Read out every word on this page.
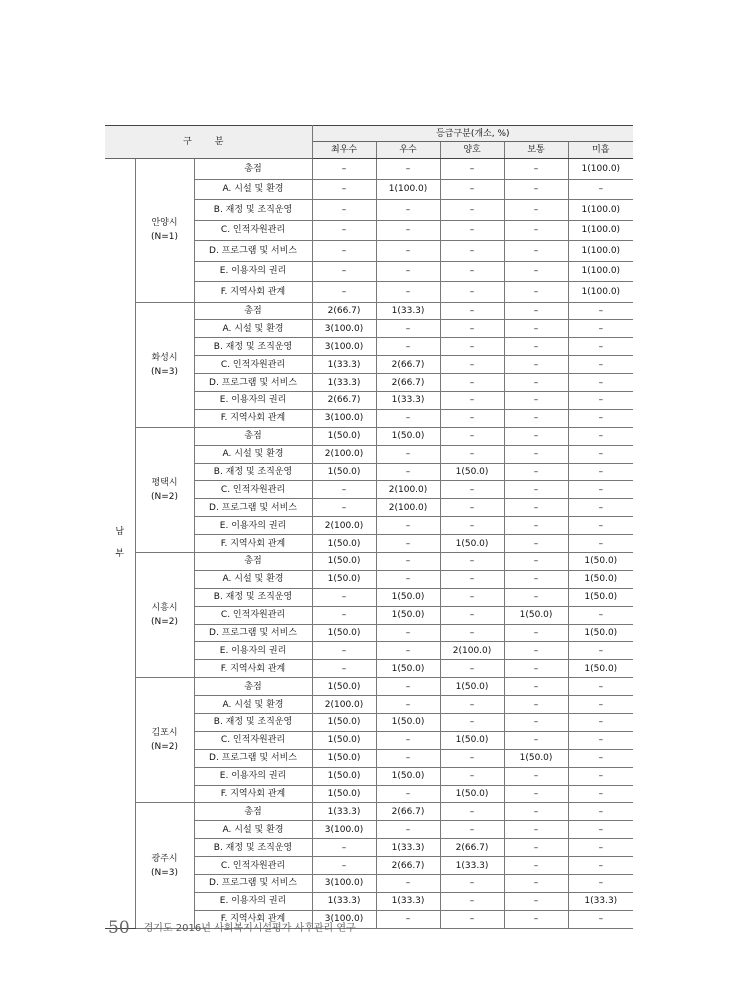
구 분			등급구분(개소, %)				
			최우수	우수	양호	보통	미흡
남 부	안양시
(N=1)	총점	–	–	–	–	1(100.0)
		A. 시설 및 환경	–	1(100.0)	–	–	–
		B. 재정 및 조직운영	–	–	–	–	1(100.0)
		C. 인적자원관리	–	–	–	–	1(100.0)
		D. 프로그램 및 서비스	–	–	–	–	1(100.0)
		E. 이용자의 권리	–	–	–	–	1(100.0)
		F. 지역사회 관계	–	–	–	–	1(100.0)

	화성시
(N=3)	총점	2(66.7)	1(33.3)	–	–	–
		A. 시설 및 환경	3(100.0)	–	–	–	–
		B. 재정 및 조직운영	3(100.0)	–	–	–	–
		C. 인적자원관리	1(33.3)	2(66.7)	–	–	–
		D. 프로그램 및 서비스	1(33.3)	2(66.7)	–	–	–
		E. 이용자의 권리	2(66.7)	1(33.3)	–	–	–
		F. 지역사회 관계	3(100.0)	–	–	–	–

	평택시
(N=2)	총점	1(50.0)	1(50.0)	–	–	–
		A. 시설 및 환경	2(100.0)	–	–	–	–
		B. 재정 및 조직운영	1(50.0)	–	1(50.0)	–	–
		C. 인적자원관리	–	2(100.0)	–	–	–
		D. 프로그램 및 서비스	–	2(100.0)	–	–	–
		E. 이용자의 권리	2(100.0)	–	–	–	–
		F. 지역사회 관계	1(50.0)	–	1(50.0)	–	–

	시흥시
(N=2)	총점	1(50.0)	–	–	–	1(50.0)
		A. 시설 및 환경	1(50.0)	–	–	–	1(50.0)
		B. 재정 및 조직운영	–	1(50.0)	–	–	1(50.0)
		C. 인적자원관리	–	1(50.0)	–	1(50.0)	–
		D. 프로그램 및 서비스	1(50.0)	–	–	–	1(50.0)
		E. 이용자의 권리	–	–	2(100.0)	–	–
		F. 지역사회 관계	–	1(50.0)	–	–	1(50.0)

	김포시
(N=2)	총점	1(50.0)	–	1(50.0)	–	–
		A. 시설 및 환경	2(100.0)	–	–	–	–
		B. 재정 및 조직운영	1(50.0)	1(50.0)	–	–	–
		C. 인적자원관리	1(50.0)	–	1(50.0)	–	–
		D. 프로그램 및 서비스	1(50.0)	–	–	1(50.0)	–
		E. 이용자의 권리	1(50.0)	1(50.0)	–	–	–
		F. 지역사회 관계	1(50.0)	–	1(50.0)	–	–

	광주시
(N=3)	총점	1(33.3)	2(66.7)	–	–	–
		A. 시설 및 환경	3(100.0)	–	–	–	–
		B. 재정 및 조직운영	–	1(33.3)	2(66.7)	–	–
		C. 인적자원관리	–	2(66.7)	1(33.3)	–	–
		D. 프로그램 및 서비스	3(100.0)	–	–	–	–
		E. 이용자의 권리	1(33.3)	1(33.3)	–	–	1(33.3)
		F. 지역사회 관계	3(100.0)	–	–	–	–
50 경기도 2016년 사회복지시설평가 사후관리 연구
